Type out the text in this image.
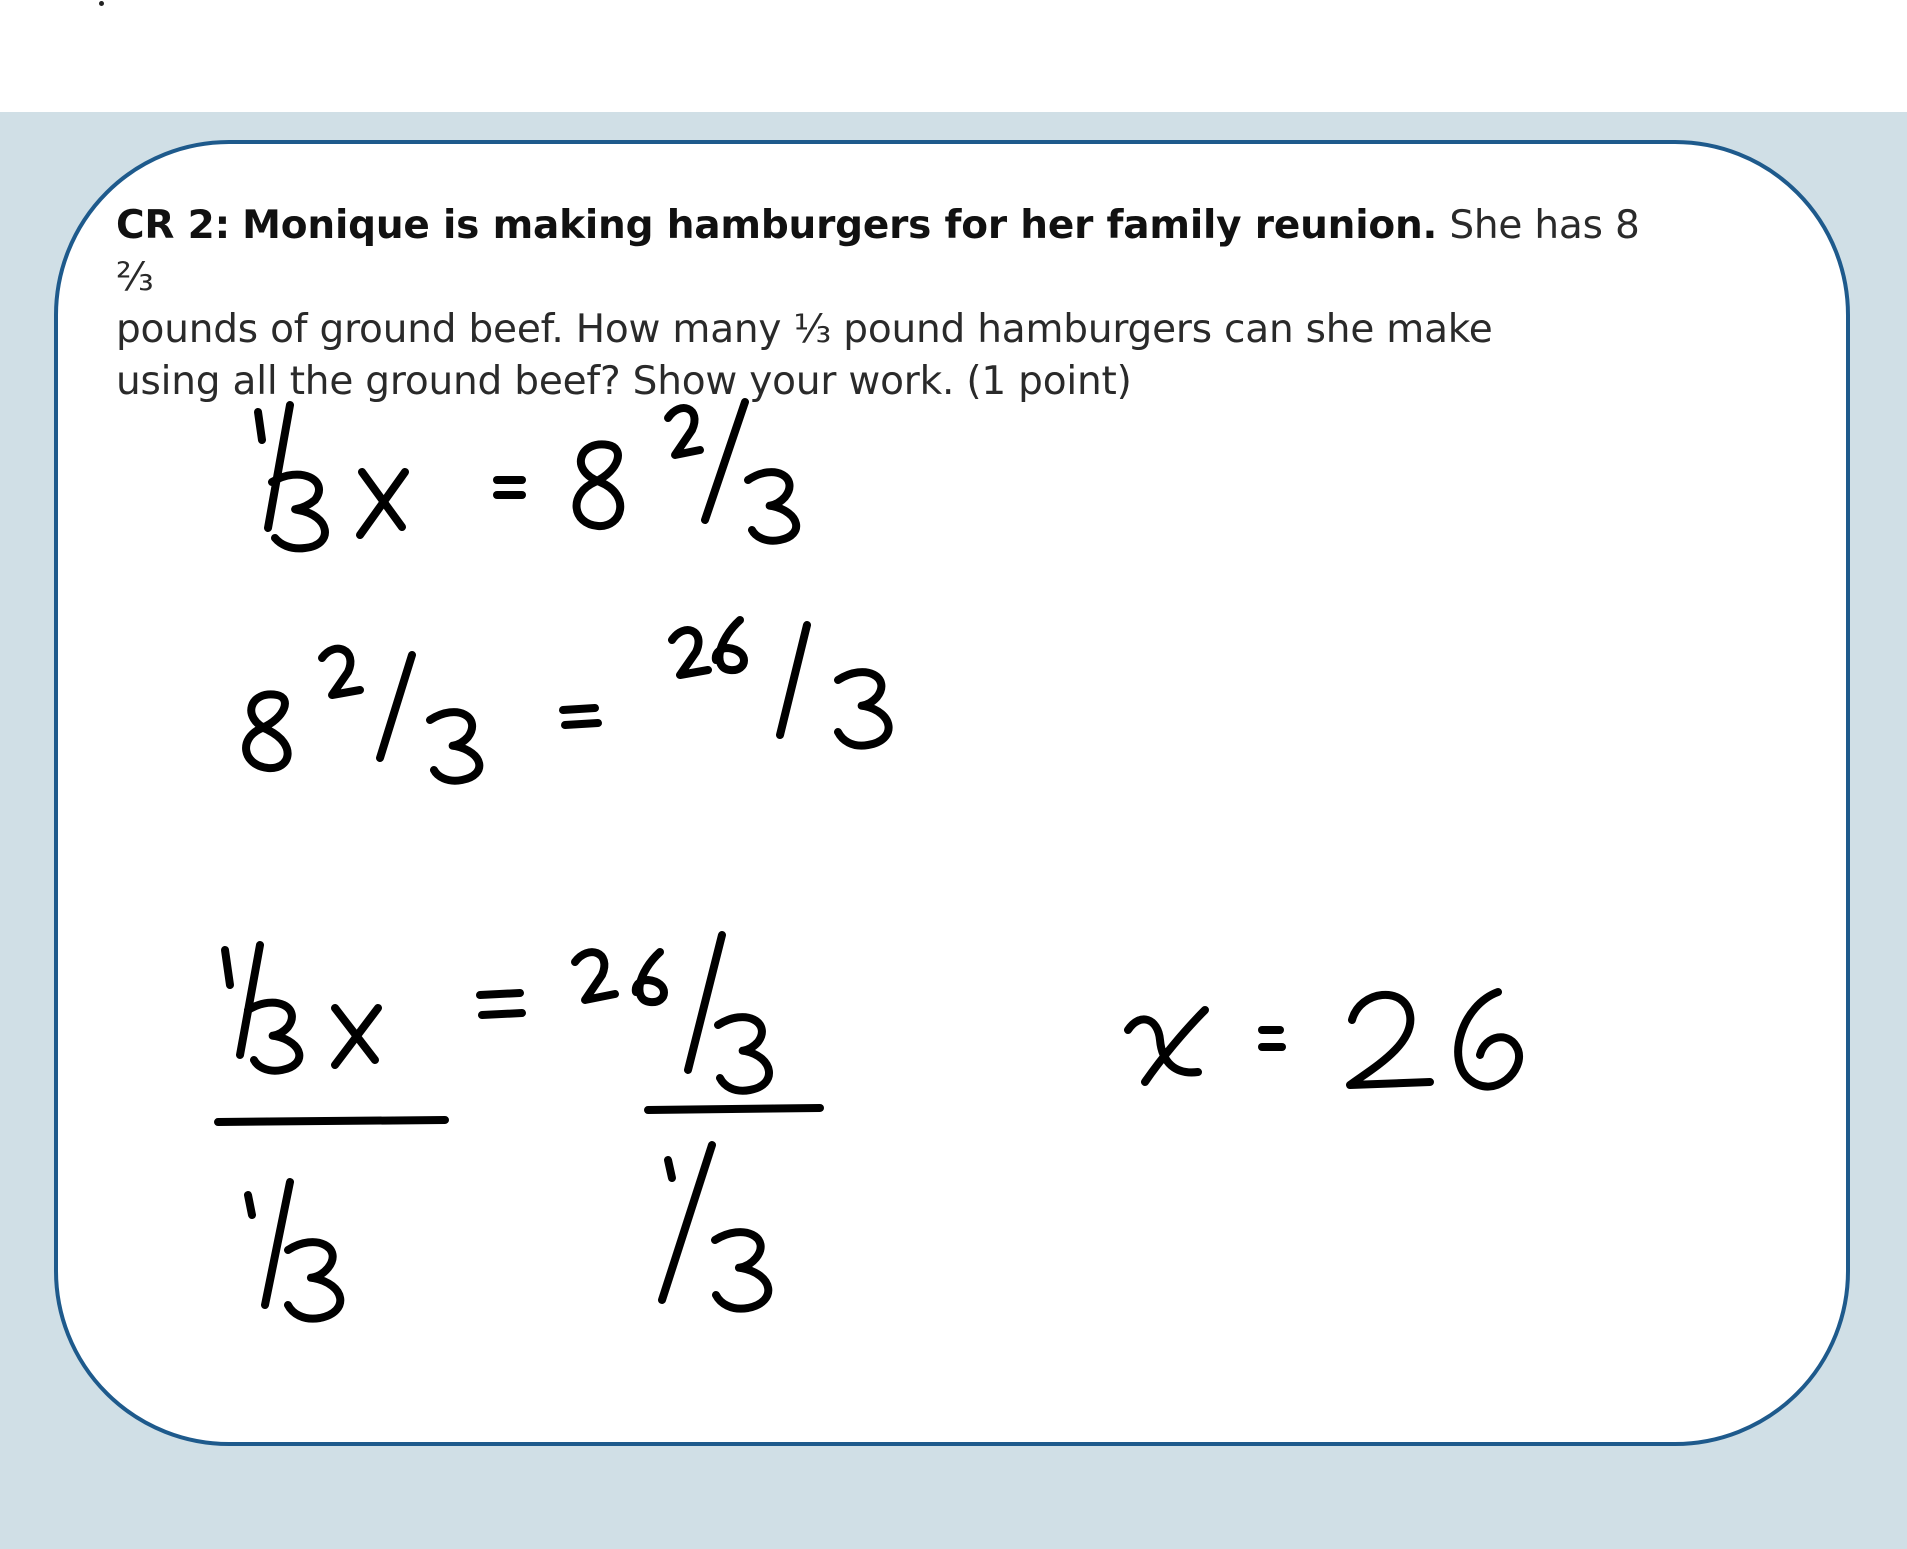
CR 2: Monique is making hamburgers for her family reunion. She has 8 ⅔
pounds of ground beef. How many ⅓ pound hamburgers can she make
using all the ground beef? Show your work. (1 point)
